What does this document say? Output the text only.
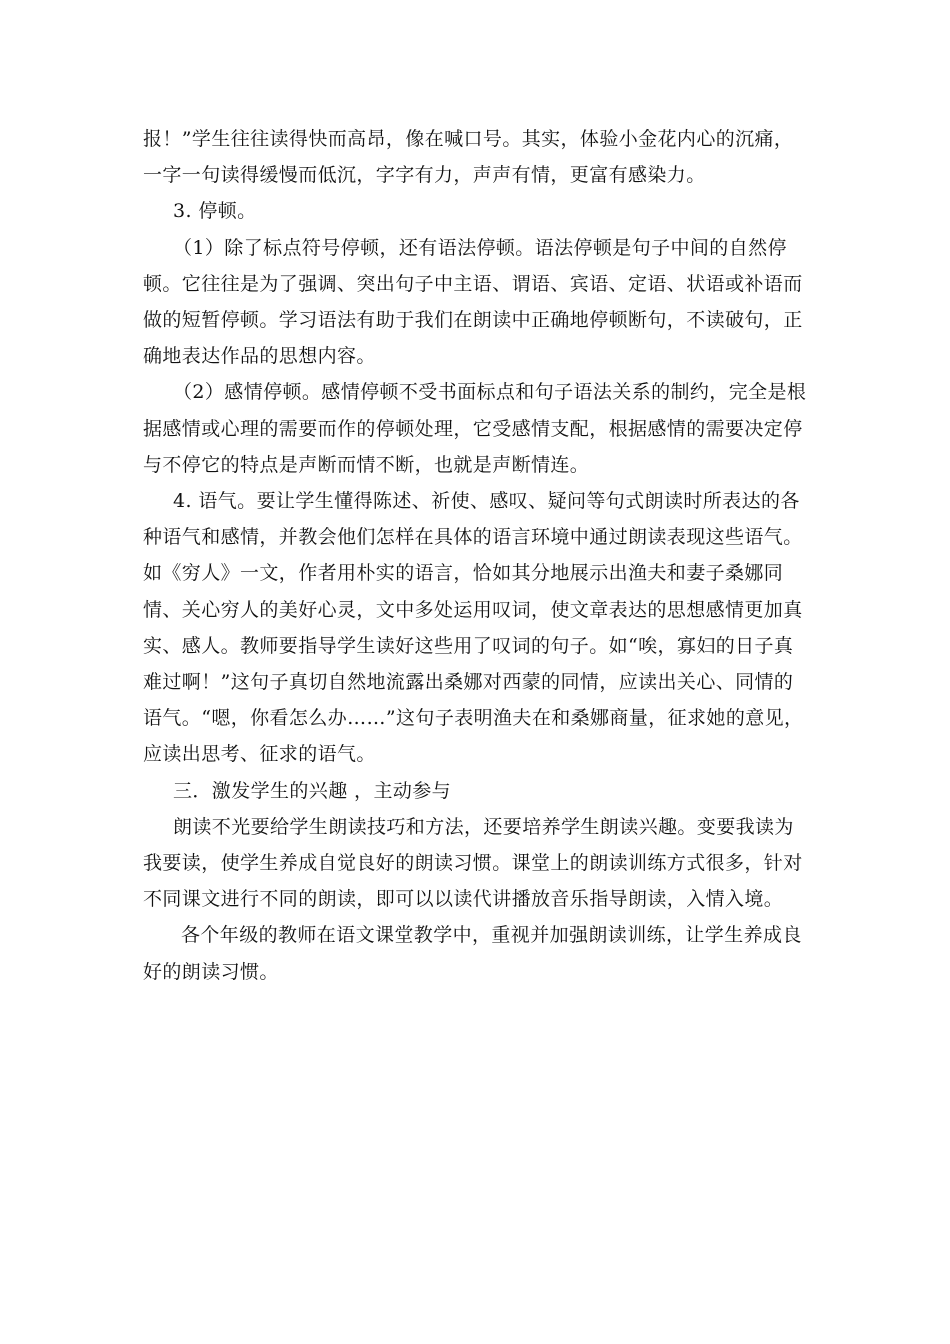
报！”学生往往读得快而高昂，像在喊口号。其实，体验小金花内心的沉痛，一字一句读得缓慢而低沉，字字有力，声声有情，更富有感染力。

3. 停顿。

（1）除了标点符号停顿，还有语法停顿。语法停顿是句子中间的自然停顿。它往往是为了强调、突出句子中主语、谓语、宾语、定语、状语或补语而做的短暂停顿。学习语法有助于我们在朗读中正确地停顿断句，不读破句，正确地表达作品的思想内容。

（2）感情停顿。感情停顿不受书面标点和句子语法关系的制约，完全是根据感情或心理的需要而作的停顿处理，它受感情支配，根据感情的需要决定停与不停它的特点是声断而情不断，也就是声断情连。

4. 语气。要让学生懂得陈述、祈使、感叹、疑问等句式朗读时所表达的各种语气和感情，并教会他们怎样在具体的语言环境中通过朗读表现这些语气。如《穷人》一文，作者用朴实的语言，恰如其分地展示出渔夫和妻子桑娜同情、关心穷人的美好心灵，文中多处运用叹词，使文章表达的思想感情更加真实、感人。教师要指导学生读好这些用了叹词的句子。如“唉，寡妇的日子真难过啊！”这句子真切自然地流露出桑娜对西蒙的同情，应读出关心、同情的语气。“嗯，你看怎么办……”这句子表明渔夫在和桑娜商量，征求她的意见，应读出思考、征求的语气。

三．激发学生的兴趣 ，主动参与

朗读不光要给学生朗读技巧和方法，还要培养学生朗读兴趣。变要我读为我要读，使学生养成自觉良好的朗读习惯。课堂上的朗读训练方式很多，针对不同课文进行不同的朗读，即可以以读代讲播放音乐指导朗读，入情入境。

各个年级的教师在语文课堂教学中，重视并加强朗读训练，让学生养成良好的朗读习惯。
